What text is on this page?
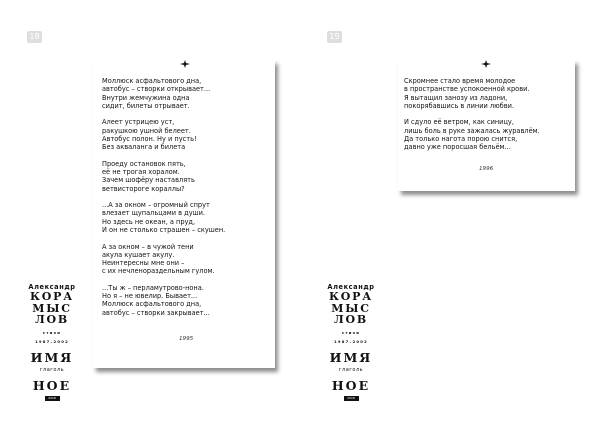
18
Александр
КОРА
МЫС
ЛОВ
стихи
1987–2002
ИМЯ
глаголь
НОЕ
2018
Моллюск асфальтового дна,
автобус – створки открывает...
Внутри жемчужина одна
сидит, билеты отрывает.
Алеет устрицею уст,
ракушкою ушной белеет.
Автобус полон. Ну и пусть!
Без акваланга и билета
Проеду остановок пять,
её не трогая хоралом.
Зачем шофёру наставлять
ветвистороге кораллы?
...А за окном – огромный спрут
влезает щупальцами в души.
Но здесь не океан, а пруд,
И он не столько страшен – скушен.
А за окном – в чужой тени
акула кушает акулу.
Неинтересны мне они –
с их нечленораздельным гулом.
...Ты ж – перламутрово-нона.
Но я – не ювелир. Бывает...
Моллюск асфальтового дна,
автобус – створки закрывает...
1995
19
Александр
КОРА
МЫС
ЛОВ
стихи
1987–2002
ИМЯ
глаголь
НОЕ
2018
Скромнее стало время молодое
в пространстве успокоенной крови.
Я вытащил занозу из ладони,
покорябавшись в линии любви.
И сдуло её ветром, как синицу,
лишь боль в руке зажалась журавлём.
Да только нагота порою снится,
давно уже поросшая бельём...
1996
